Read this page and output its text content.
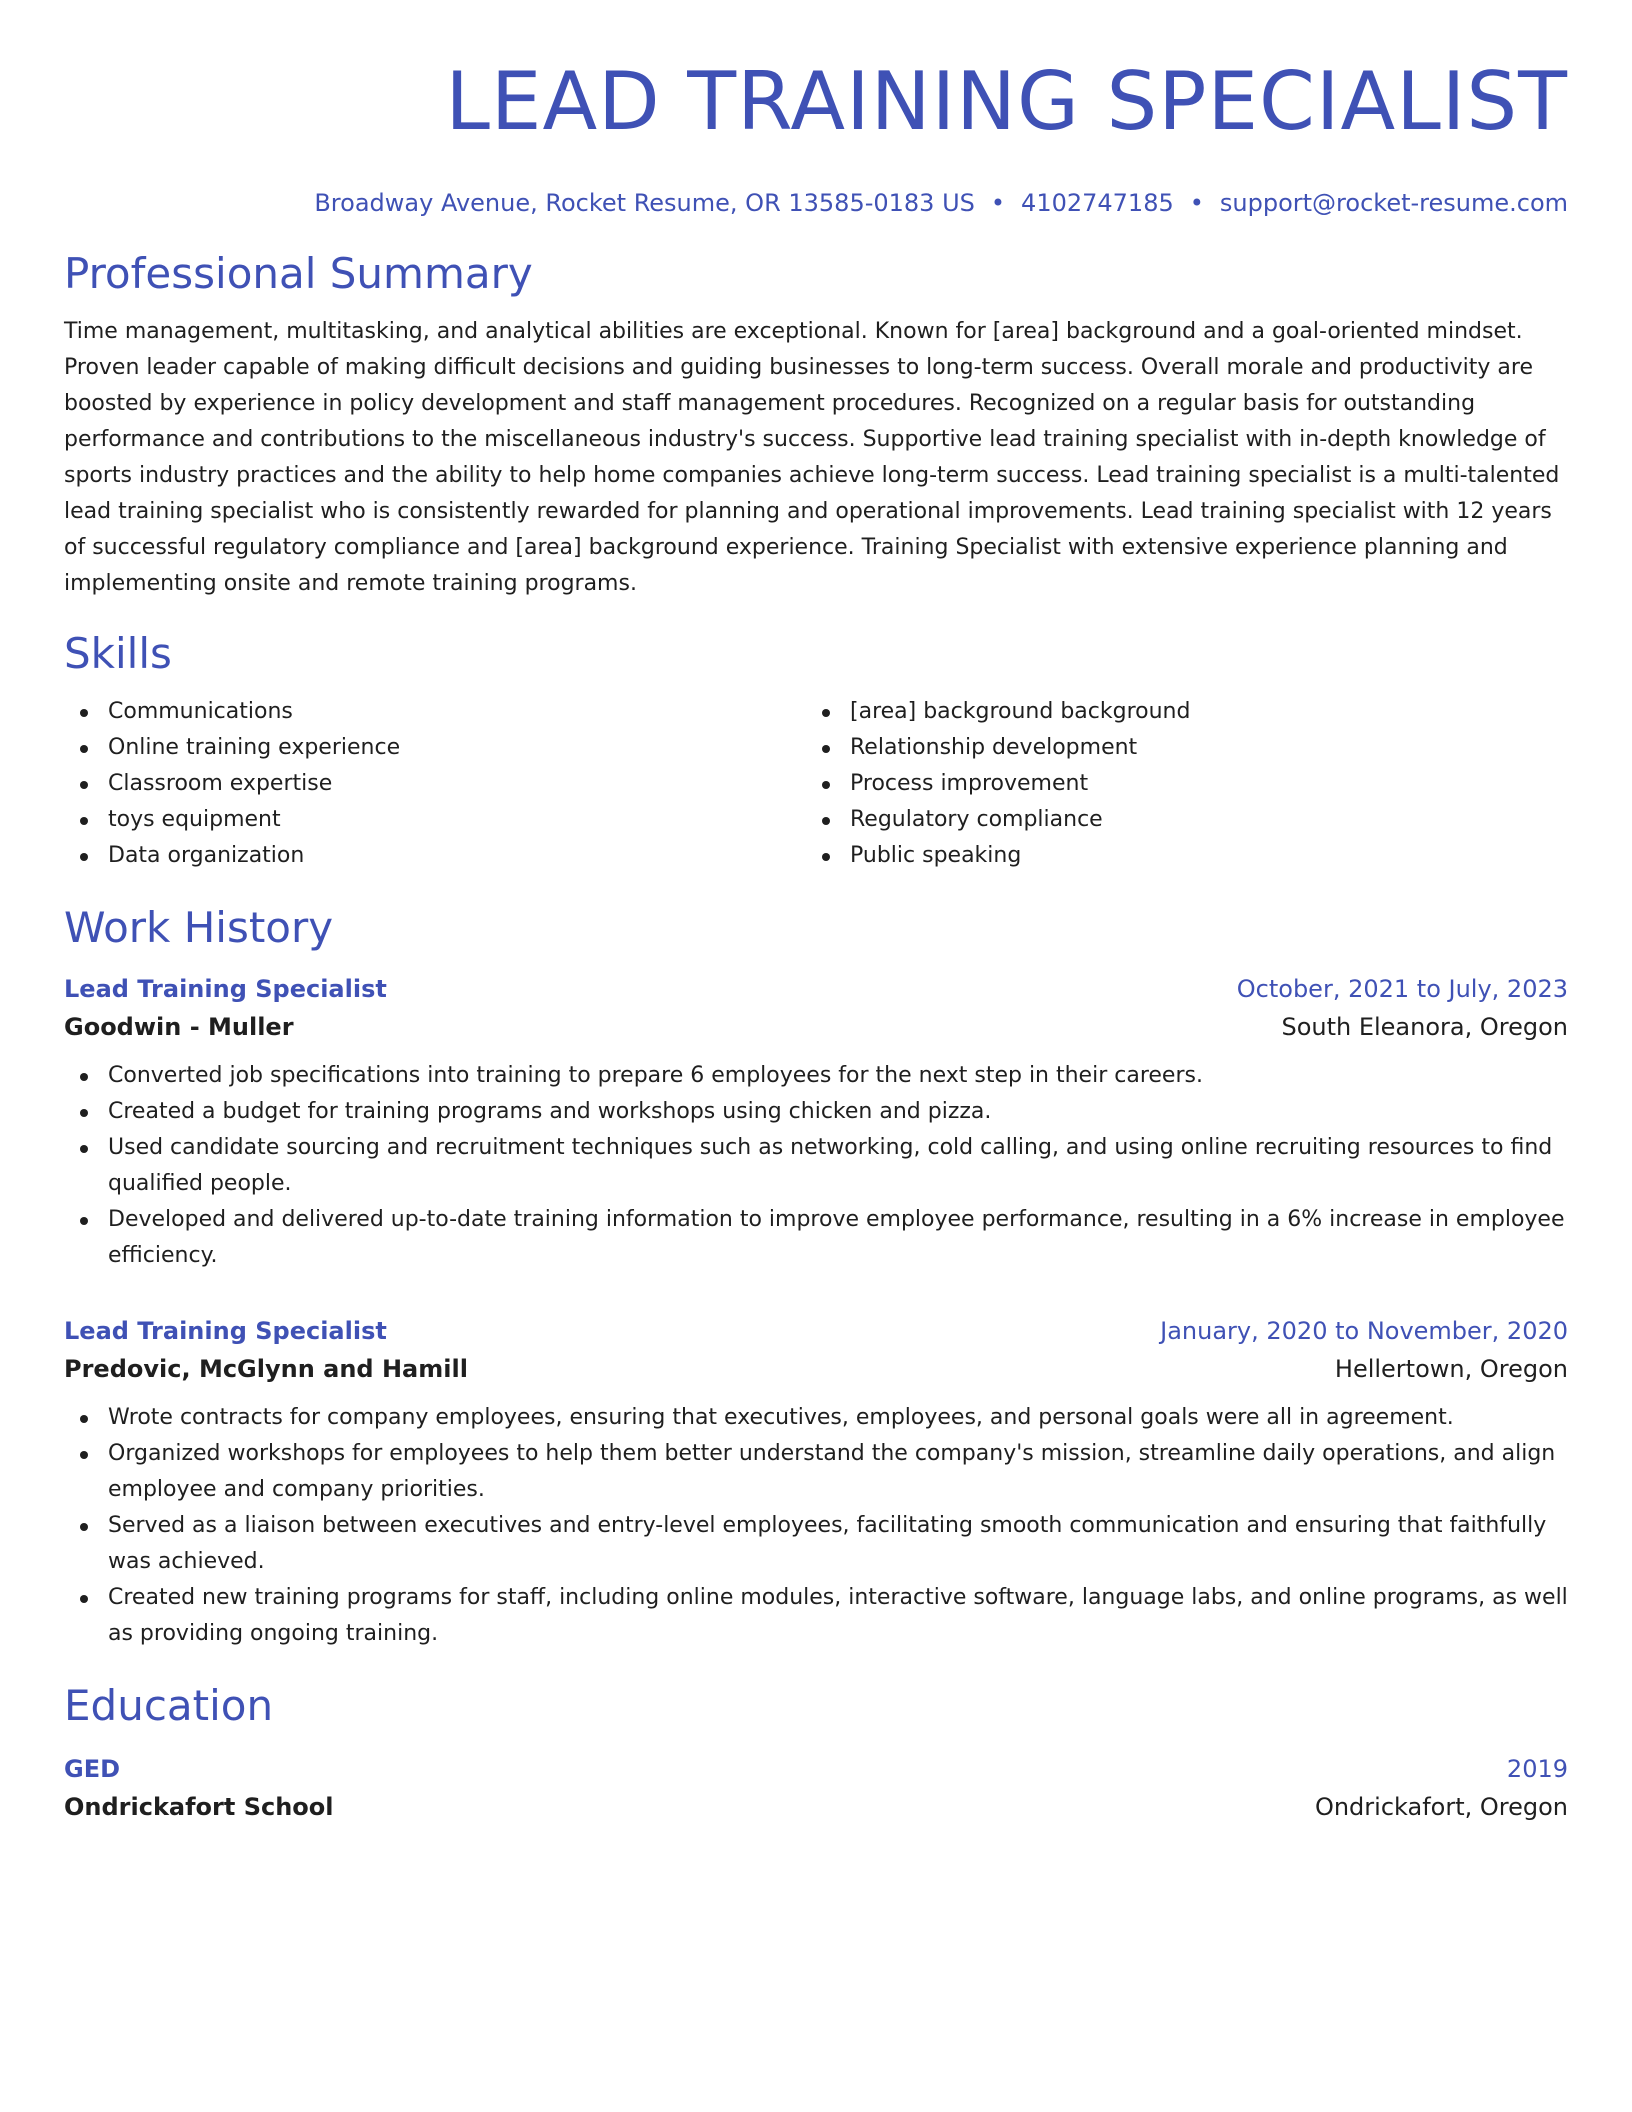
LEAD TRAINING SPECIALIST
Broadway Avenue, Rocket Resume, OR 13585-0183 US • 4102747185 • support@rocket-resume.com
Professional Summary
Time management, multitasking, and analytical abilities are exceptional. Known for [area] background and a goal-oriented mindset. Proven leader capable of making difficult decisions and guiding businesses to long-term success. Overall morale and productivity are boosted by experience in policy development and staff management procedures. Recognized on a regular basis for outstanding performance and contributions to the miscellaneous industry's success. Supportive lead training specialist with in-depth knowledge of sports industry practices and the ability to help home companies achieve long-term success. Lead training specialist is a multi-talented lead training specialist who is consistently rewarded for planning and operational improvements. Lead training specialist with 12 years of successful regulatory compliance and [area] background experience. Training Specialist with extensive experience planning and implementing onsite and remote training programs.
Skills
Communications
Online training experience
Classroom expertise
toys equipment
Data organization
[area] background background
Relationship development
Process improvement
Regulatory compliance
Public speaking
Work History
Lead Training Specialist	October, 2021 to July, 2023
Goodwin - Muller	South Eleanora, Oregon
Converted job specifications into training to prepare 6 employees for the next step in their careers.
Created a budget for training programs and workshops using chicken and pizza.
Used candidate sourcing and recruitment techniques such as networking, cold calling, and using online recruiting resources to find qualified people.
Developed and delivered up-to-date training information to improve employee performance, resulting in a 6% increase in employee efficiency.
Lead Training Specialist	January, 2020 to November, 2020
Predovic, McGlynn and Hamill	Hellertown, Oregon
Wrote contracts for company employees, ensuring that executives, employees, and personal goals were all in agreement.
Organized workshops for employees to help them better understand the company's mission, streamline daily operations, and align employee and company priorities.
Served as a liaison between executives and entry-level employees, facilitating smooth communication and ensuring that faithfully was achieved.
Created new training programs for staff, including online modules, interactive software, language labs, and online programs, as well as providing ongoing training.
Education
GED	2019
Ondrickafort School	Ondrickafort, Oregon
